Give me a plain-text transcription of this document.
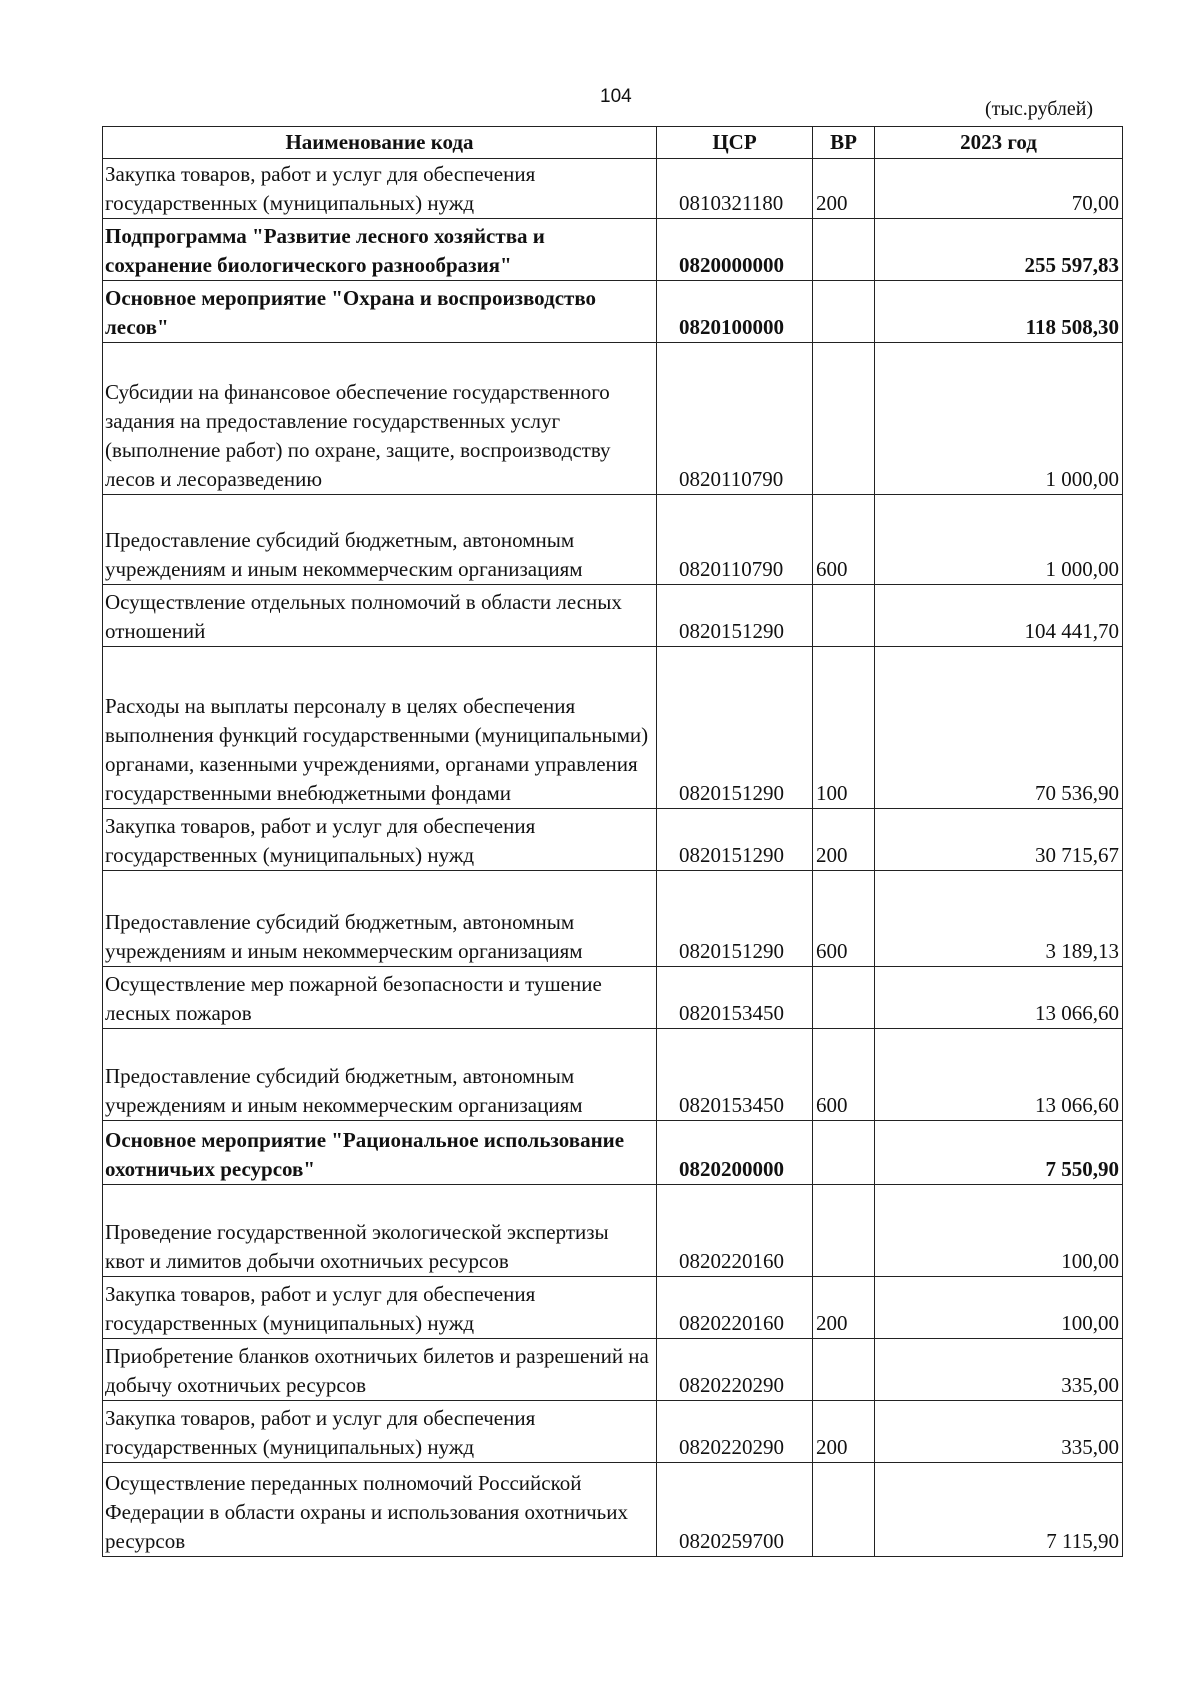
104
(тыс.рублей)
Наименование кода	ЦСР	ВР	2023 год
Закупка товаров, работ и услуг для обеспечения государственных (муниципальных) нужд	0810321180	200	70,00
Подпрограмма "Развитие лесного хозяйства и сохранение биологического разнообразия"	0820000000		255 597,83
Основное мероприятие "Охрана и воспроизводство лесов"	0820100000		118 508,30
Субсидии на финансовое обеспечение государственного задания на предоставление государственных услуг (выполнение работ) по охране, защите, воспроизводству лесов и лесоразведению	0820110790		1 000,00
Предоставление субсидий бюджетным, автономным учреждениям и иным некоммерческим организациям	0820110790	600	1 000,00
Осуществление отдельных полномочий в области лесных отношений	0820151290		104 441,70
Расходы на выплаты персоналу в целях обеспечения выполнения функций государственными (муниципальными) органами, казенными учреждениями, органами управления государственными внебюджетными фондами	0820151290	100	70 536,90
Закупка товаров, работ и услуг для обеспечения государственных (муниципальных) нужд	0820151290	200	30 715,67
Предоставление субсидий бюджетным, автономным учреждениям и иным некоммерческим организациям	0820151290	600	3 189,13
Осуществление мер пожарной безопасности и тушение лесных пожаров	0820153450		13 066,60
Предоставление субсидий бюджетным, автономным учреждениям и иным некоммерческим организациям	0820153450	600	13 066,60
Основное мероприятие "Рациональное использование охотничьих ресурсов"	0820200000		7 550,90
Проведение государственной экологической экспертизы квот и лимитов добычи охотничьих ресурсов	0820220160		100,00
Закупка товаров, работ и услуг для обеспечения государственных (муниципальных) нужд	0820220160	200	100,00
Приобретение бланков охотничьих билетов и разрешений на добычу охотничьих ресурсов	0820220290		335,00
Закупка товаров, работ и услуг для обеспечения государственных (муниципальных) нужд	0820220290	200	335,00
Осуществление переданных полномочий Российской Федерации в области охраны и использования охотничьих ресурсов	0820259700		7 115,90
